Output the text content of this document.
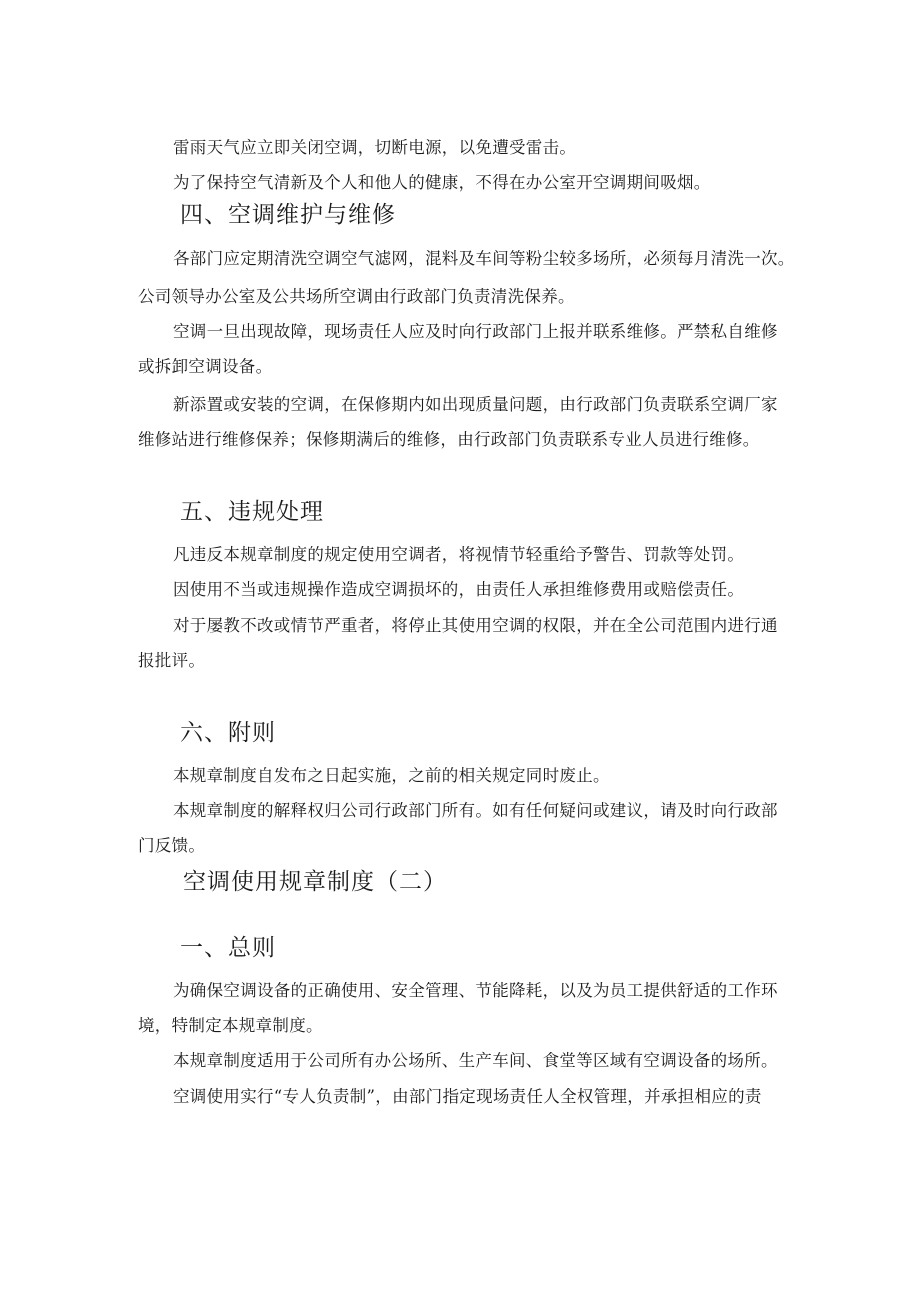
雷雨天气应立即关闭空调，切断电源，以免遭受雷击。
为了保持空气清新及个人和他人的健康，不得在办公室开空调期间吸烟。
四、空调维护与维修
各部门应定期清洗空调空气滤网，混料及车间等粉尘较多场所，必须每月清洗一次。
公司领导办公室及公共场所空调由行政部门负责清洗保养。
空调一旦出现故障，现场责任人应及时向行政部门上报并联系维修。严禁私自维修
或拆卸空调设备。
新添置或安装的空调，在保修期内如出现质量问题，由行政部门负责联系空调厂家
维修站进行维修保养；保修期满后的维修，由行政部门负责联系专业人员进行维修。
五、违规处理
凡违反本规章制度的规定使用空调者，将视情节轻重给予警告、罚款等处罚。
因使用不当或违规操作造成空调损坏的，由责任人承担维修费用或赔偿责任。
对于屡教不改或情节严重者，将停止其使用空调的权限，并在全公司范围内进行通
报批评。
六、附则
本规章制度自发布之日起实施，之前的相关规定同时废止。
本规章制度的解释权归公司行政部门所有。如有任何疑问或建议，请及时向行政部
门反馈。
空调使用规章制度（二）
一、总则
为确保空调设备的正确使用、安全管理、节能降耗，以及为员工提供舒适的工作环
境，特制定本规章制度。
本规章制度适用于公司所有办公场所、生产车间、食堂等区域有空调设备的场所。
空调使用实行“专人负责制”，由部门指定现场责任人全权管理，并承担相应的责
